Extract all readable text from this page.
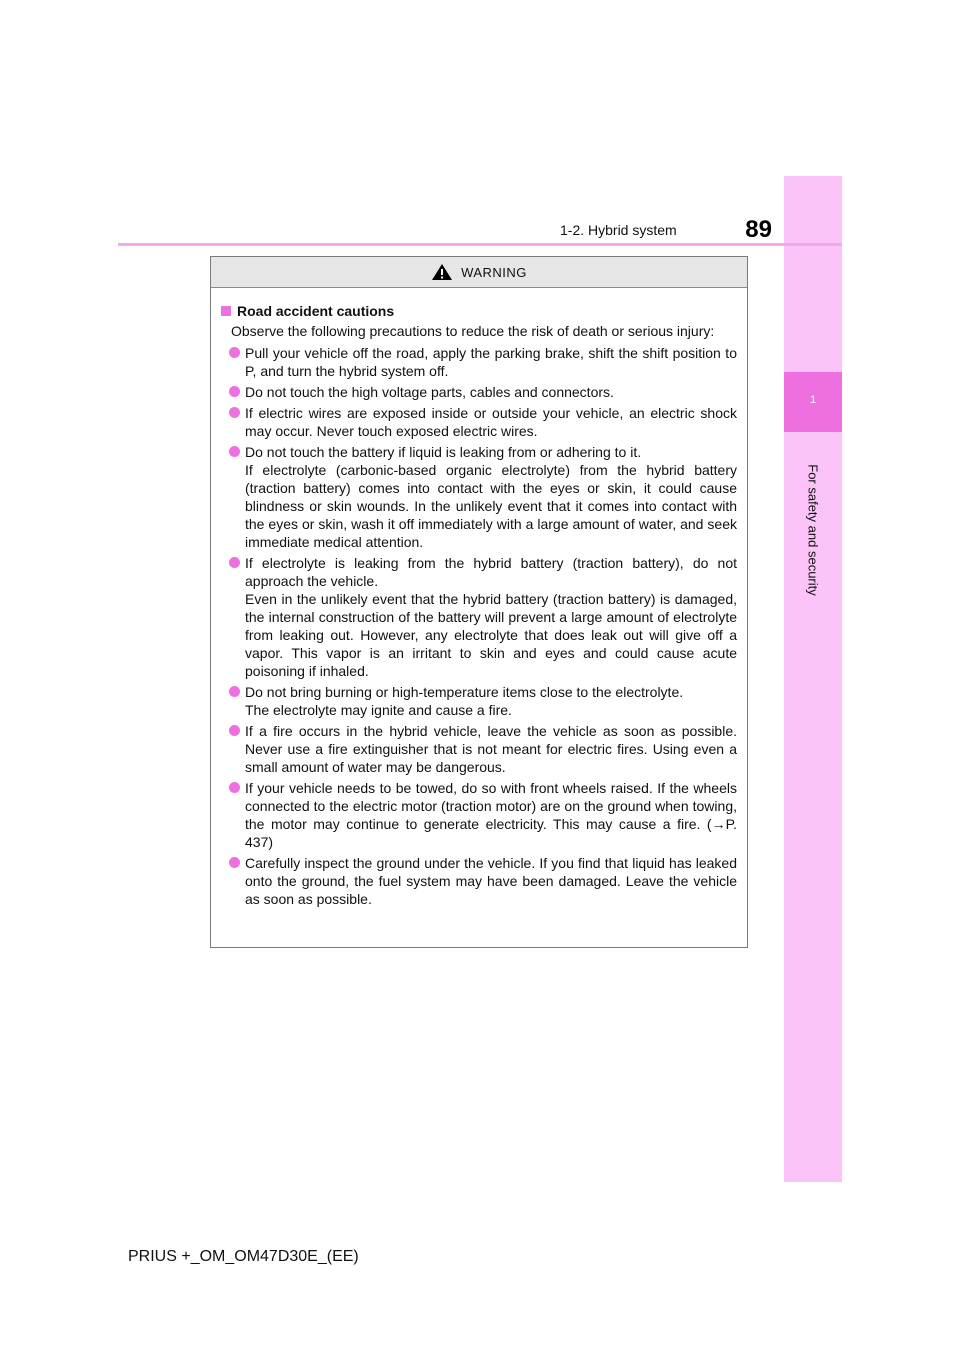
1
For safety and security
89
1-2. Hybrid system
WARNING
Road accident cautions
Observe the following precautions to reduce the risk of death or serious injury:

Pull your vehicle off the road, apply the parking brake, shift the shift position to P, and turn the hybrid system off.

Do not touch the high voltage parts, cables and connectors.

If electric wires are exposed inside or outside your vehicle, an electric shock may occur. Never touch exposed electric wires.

Do not touch the battery if liquid is leaking from or adhering to it.

If electrolyte (carbonic-based organic electrolyte) from the hybrid battery (traction battery) comes into contact with the eyes or skin, it could cause blindness or skin wounds. In the unlikely event that it comes into contact with the eyes or skin, wash it off immediately with a large amount of water, and seek immediate medical attention.

If electrolyte is leaking from the hybrid battery (traction battery), do not approach the vehicle.

Even in the unlikely event that the hybrid battery (traction battery) is damaged, the internal construction of the battery will prevent a large amount of electrolyte from leaking out. However, any electrolyte that does leak out will give off a vapor. This vapor is an irritant to skin and eyes and could cause acute poisoning if inhaled.

Do not bring burning or high-temperature items close to the electrolyte.

The electrolyte may ignite and cause a fire.

If a fire occurs in the hybrid vehicle, leave the vehicle as soon as possible. Never use a fire extinguisher that is not meant for electric fires. Using even a small amount of water may be dangerous.

If your vehicle needs to be towed, do so with front wheels raised. If the wheels connected to the electric motor (traction motor) are on the ground when towing, the motor may continue to generate electricity. This may cause a fire. (→P. 437)

Carefully inspect the ground under the vehicle. If you find that liquid has leaked onto the ground, the fuel system may have been damaged. Leave the vehicle as soon as possible.

PRIUS +_OM_OM47D30E_(EE)
